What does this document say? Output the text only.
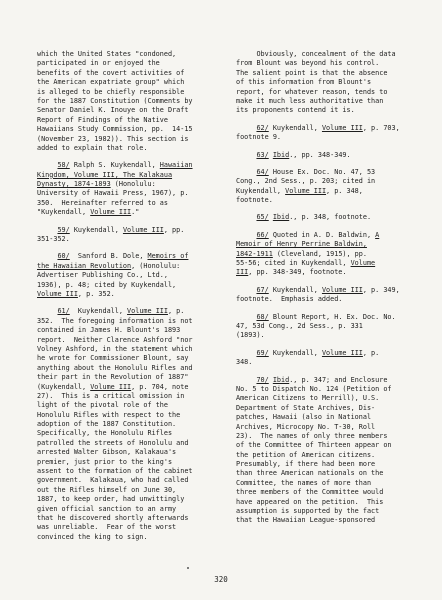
which the United States "condoned,
participated in or enjoyed the
benefits of the covert activities of
the American expatriate group" which
is alleged to be chiefly responsible
for the 1887 Constitution (Comments by
Senator Daniel K. Inouye on the Draft
Report of Findings of the Native
Hawaiians Study Commission, pp.  14-15
(November 23, 1982)). This section is
added to explain that role.
58/ Ralph S. Kuykendall, Hawaiian
Kingdom, Volume III, The Kalakaua
Dynasty, 1874-1893 (Honolulu:
University of Hawaii Press, 1967), p.
350.  Hereinafter referred to as
"Kuykendall, Volume III."
59/ Kuykendall, Volume III, pp.
351-352.
60/  Sanford B. Dole, Memoirs of
the Hawaiian Revolution, (Honolulu:
Advertiser Publishing Co., Ltd.,
1936), p. 48; cited by Kuykendall,
Volume III, p. 352.
61/  Kuykendall, Volume III, p.
352.  The foregoing information is not
contained in James H. Blount's 1893
report.  Neither Clarence Ashford "nor
Volney Ashford, in the statement which
he wrote for Commissioner Blount, say
anything about the Honolulu Rifles and
their part in the Revolution of 1887"
(Kuykendall, Volume III, p. 704, note
27).  This is a critical omission in
light of the pivotal role of the
Honolulu Rifles with respect to the
adoption of the 1887 Constitution.
Specifically, the Honolulu Rifles
patrolled the streets of Honolulu and
arrested Walter Gibson, Kalakaua's
premier, just prior to the king's
assent to the formation of the cabinet
government.  Kalakaua, who had called
out the Rifles himself on June 30,
1887, to keep order, had unwittingly
given official sanction to an army
that he discovered shortly afterwards
was unreliable.  Fear of the worst
convinced the king to sign.
Obviously, concealment of the data
from Blount was beyond his control.
The salient point is that the absence
of this information from Blount's
report, for whatever reason, tends to
make it much less authoritative than
its proponents contend it is.
62/ Kuykendall, Volume III, p. 703,
footnote 9.
63/ Ibid., pp. 348-349.
64/ House Ex. Doc. No. 47, 53
Cong., 2nd Sess., p. 203; cited in
Kuykendall, Volume III, p. 348,
footnote.
65/ Ibid., p. 348, footnote.
66/ Quoted in A. D. Baldwin, A
Memoir of Henry Perrine Baldwin,
1842-1911 (Cleveland, 1915), pp.
55-56; cited in Kuykendall, Volume
III, pp. 348-349, footnote.
67/ Kuykendall, Volume III, p. 349,
footnote.  Emphasis added.
68/ Blount Report, H. Ex. Doc. No.
47, 53d Cong., 2d Sess., p. 331
(1893).
69/ Kuykendall, Volume III, p.
348.
70/ Ibid., p. 347; and Enclosure
No. 5 to Dispatch No. 124 (Petition of
American Citizens to Merrill), U.S.
Department of State Archives, Dis-
patches, Hawaii (also in National
Archives, Microcopy No. T-30, Roll
23).  The names of only three members
of the Committee of Thirteen appear on
the petition of American citizens.
Presumably, if there had been more
than three American nationals on the
Committee, the names of more than
three members of the Committee would
have appeared on the petition.  This
assumption is supported by the fact
that the Hawaiian League-sponsored
320
